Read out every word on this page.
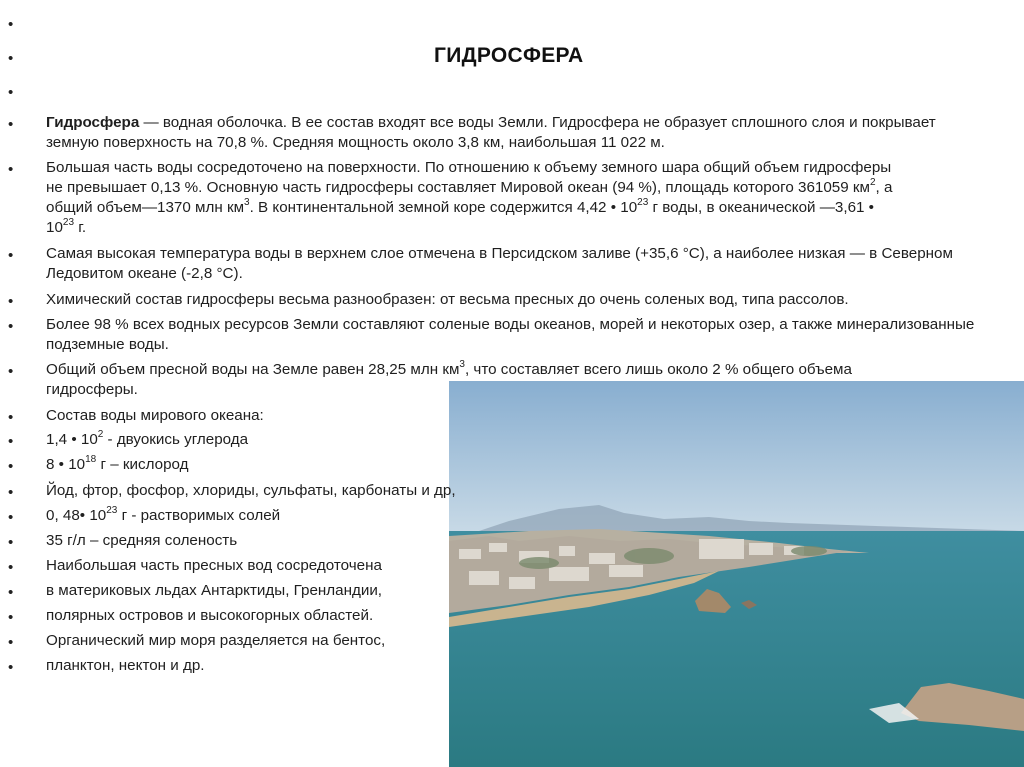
•
•
•
ГИДРОСФЕРА
• Гидросфера — водная оболочка. В ее состав входят все воды Земли. Гидросфера не образует сплошного слоя и покрывает земную поверхность на 70,8 %. Средняя мощность около 3,8 км, наибольшая 11 022 м.
• Большая часть воды сосредоточено на поверхности. По отношению к объему земного шара общий объем гидросферы
не превышает 0,13 %. Основную часть гидросферы составляет Мировой океан (94 %), площадь которого 361059 $км^2$, а
общий объем—1370 млн $км^3$. В континентальной земной коре содержится 4,42 • $10^{23}$ г воды, в океанической —3,61 •
$10^{23}$ г.
• Самая высокая температура воды в верхнем слое отмечена в Персидском заливе (+35,6 °С), а наиболее низкая — в Северном Ледовитом океане (-2,8 °С).
• Химический состав гидросферы весьма разнообразен: от весьма пресных до очень соленых вод, типа рассолов.
• Более 98 % всех водных ресурсов Земли составляют соленые воды океанов, морей и некоторых озер, а также минерализованные подземные воды.
• Общий объем пресной воды на Земле равен 28,25 млн $км^3$, что составляет всего лишь около 2 % общего объема
гидросферы.
• Состав воды мирового океана:
• 1,4 • $10^2$ - двуокись углерода
• 8 • $10^{18}$ г – кислород
• Йод, фтор, фосфор, хлориды, сульфаты, карбонаты и др,
• 0, 48• $10^{23}$ г - растворимых солей
• 35 г/л – средняя соленость
• Наибольшая часть пресных вод сосредоточена
• в материковых льдах Антарктиды, Гренландии,
• полярных островов и высокогорных областей.
• Органический мир моря разделяется на бентос,
• планктон, нектон и др.
